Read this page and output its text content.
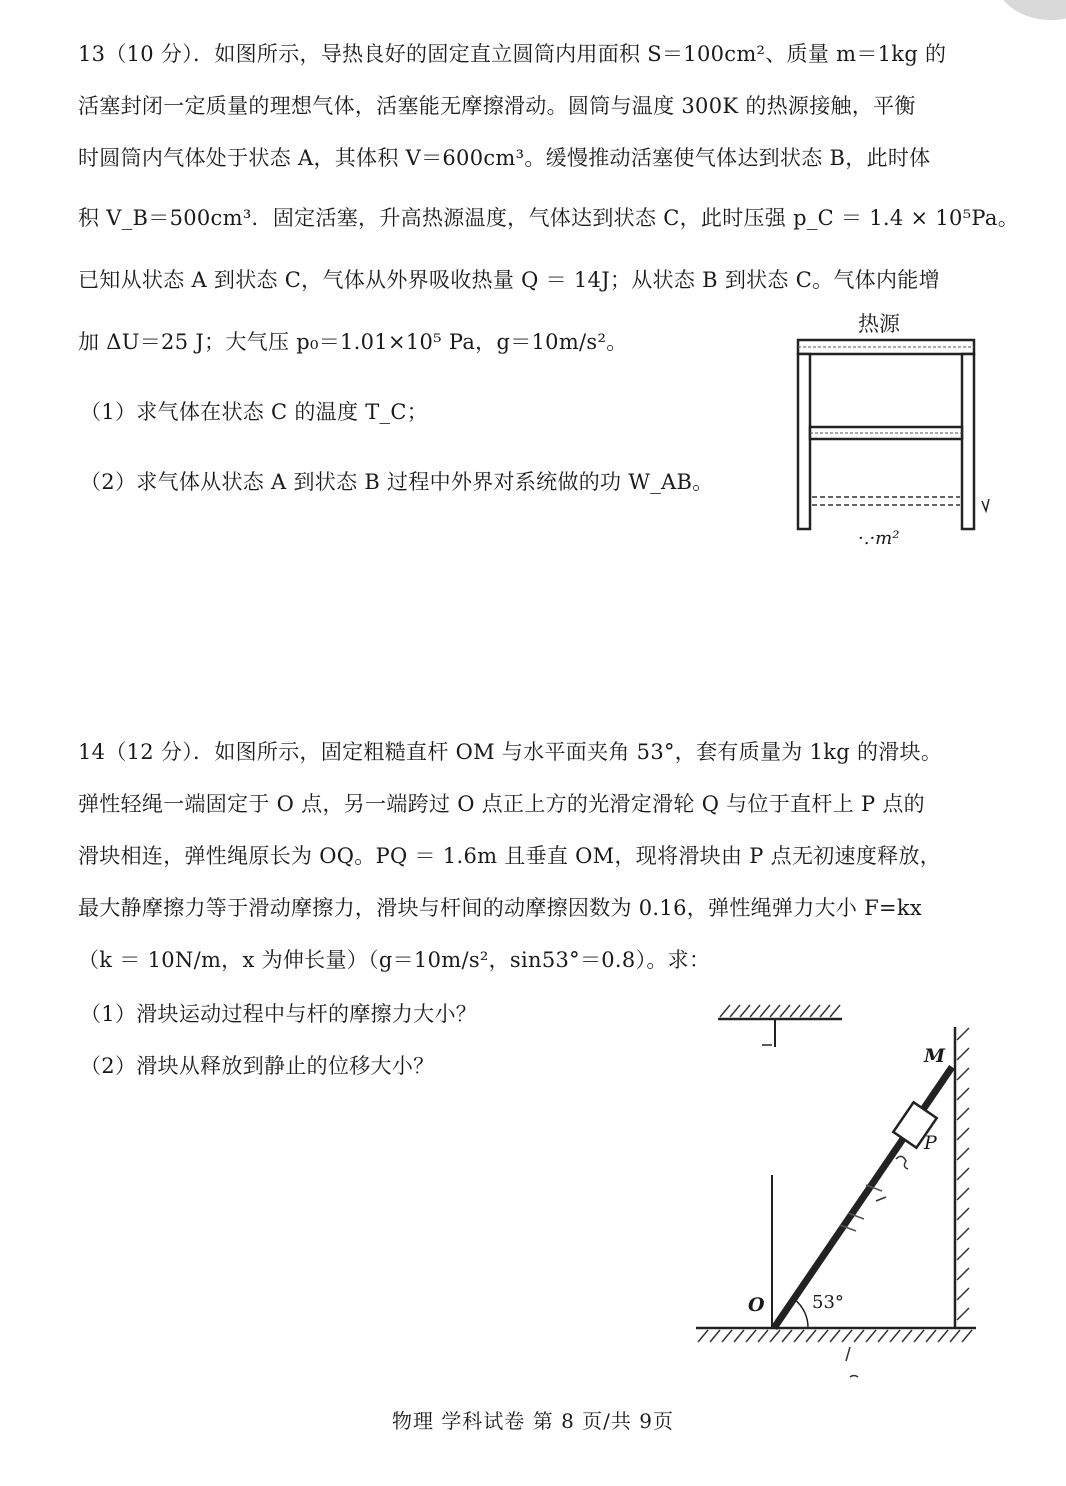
13（10 分）．如图所示，导热良好的固定直立圆筒内用面积 S＝100cm²、质量 m＝1kg 的
活塞封闭一定质量的理想气体，活塞能无摩擦滑动。圆筒与温度 300K 的热源接触，平衡
时圆筒内气体处于状态 A，其体积 V＝600cm³。缓慢推动活塞使气体达到状态 B，此时体
积 V_B＝500cm³．固定活塞，升高热源温度，气体达到状态 C，此时压强 p_C ＝ 1.4 × 10⁵Pa。
已知从状态 A 到状态 C，气体从外界吸收热量 Q ＝ 14J；从状态 B 到状态 C。气体内能增
加 ΔU＝25 J；大气压 p₀＝1.01×10⁵ Pa，g＝10m/s²。
（1）求气体在状态 C 的温度 T_C；
（2）求气体从状态 A 到状态 B 过程中外界对系统做的功 W_AB。
热源
·.·m²
14（12 分）．如图所示，固定粗糙直杆 OM 与水平面夹角 53°，套有质量为 1kg 的滑块。
弹性轻绳一端固定于 O 点，另一端跨过 O 点正上方的光滑定滑轮 Q 与位于直杆上 P 点的
滑块相连，弹性绳原长为 OQ。PQ ＝ 1.6m 且垂直 OM，现将滑块由 P 点无初速度释放，
最大静摩擦力等于滑动摩擦力，滑块与杆间的动摩擦因数为 0.16，弹性绳弹力大小 F=kx
（k ＝ 10N/m，x 为伸长量）（g＝10m/s²，sin53°＝0.8）。求：
（1）滑块运动过程中与杆的摩擦力大小？
（2）滑块从释放到静止的位移大小？	M
P
O	53°
物理 学科试卷 第 8 页/共 9页
